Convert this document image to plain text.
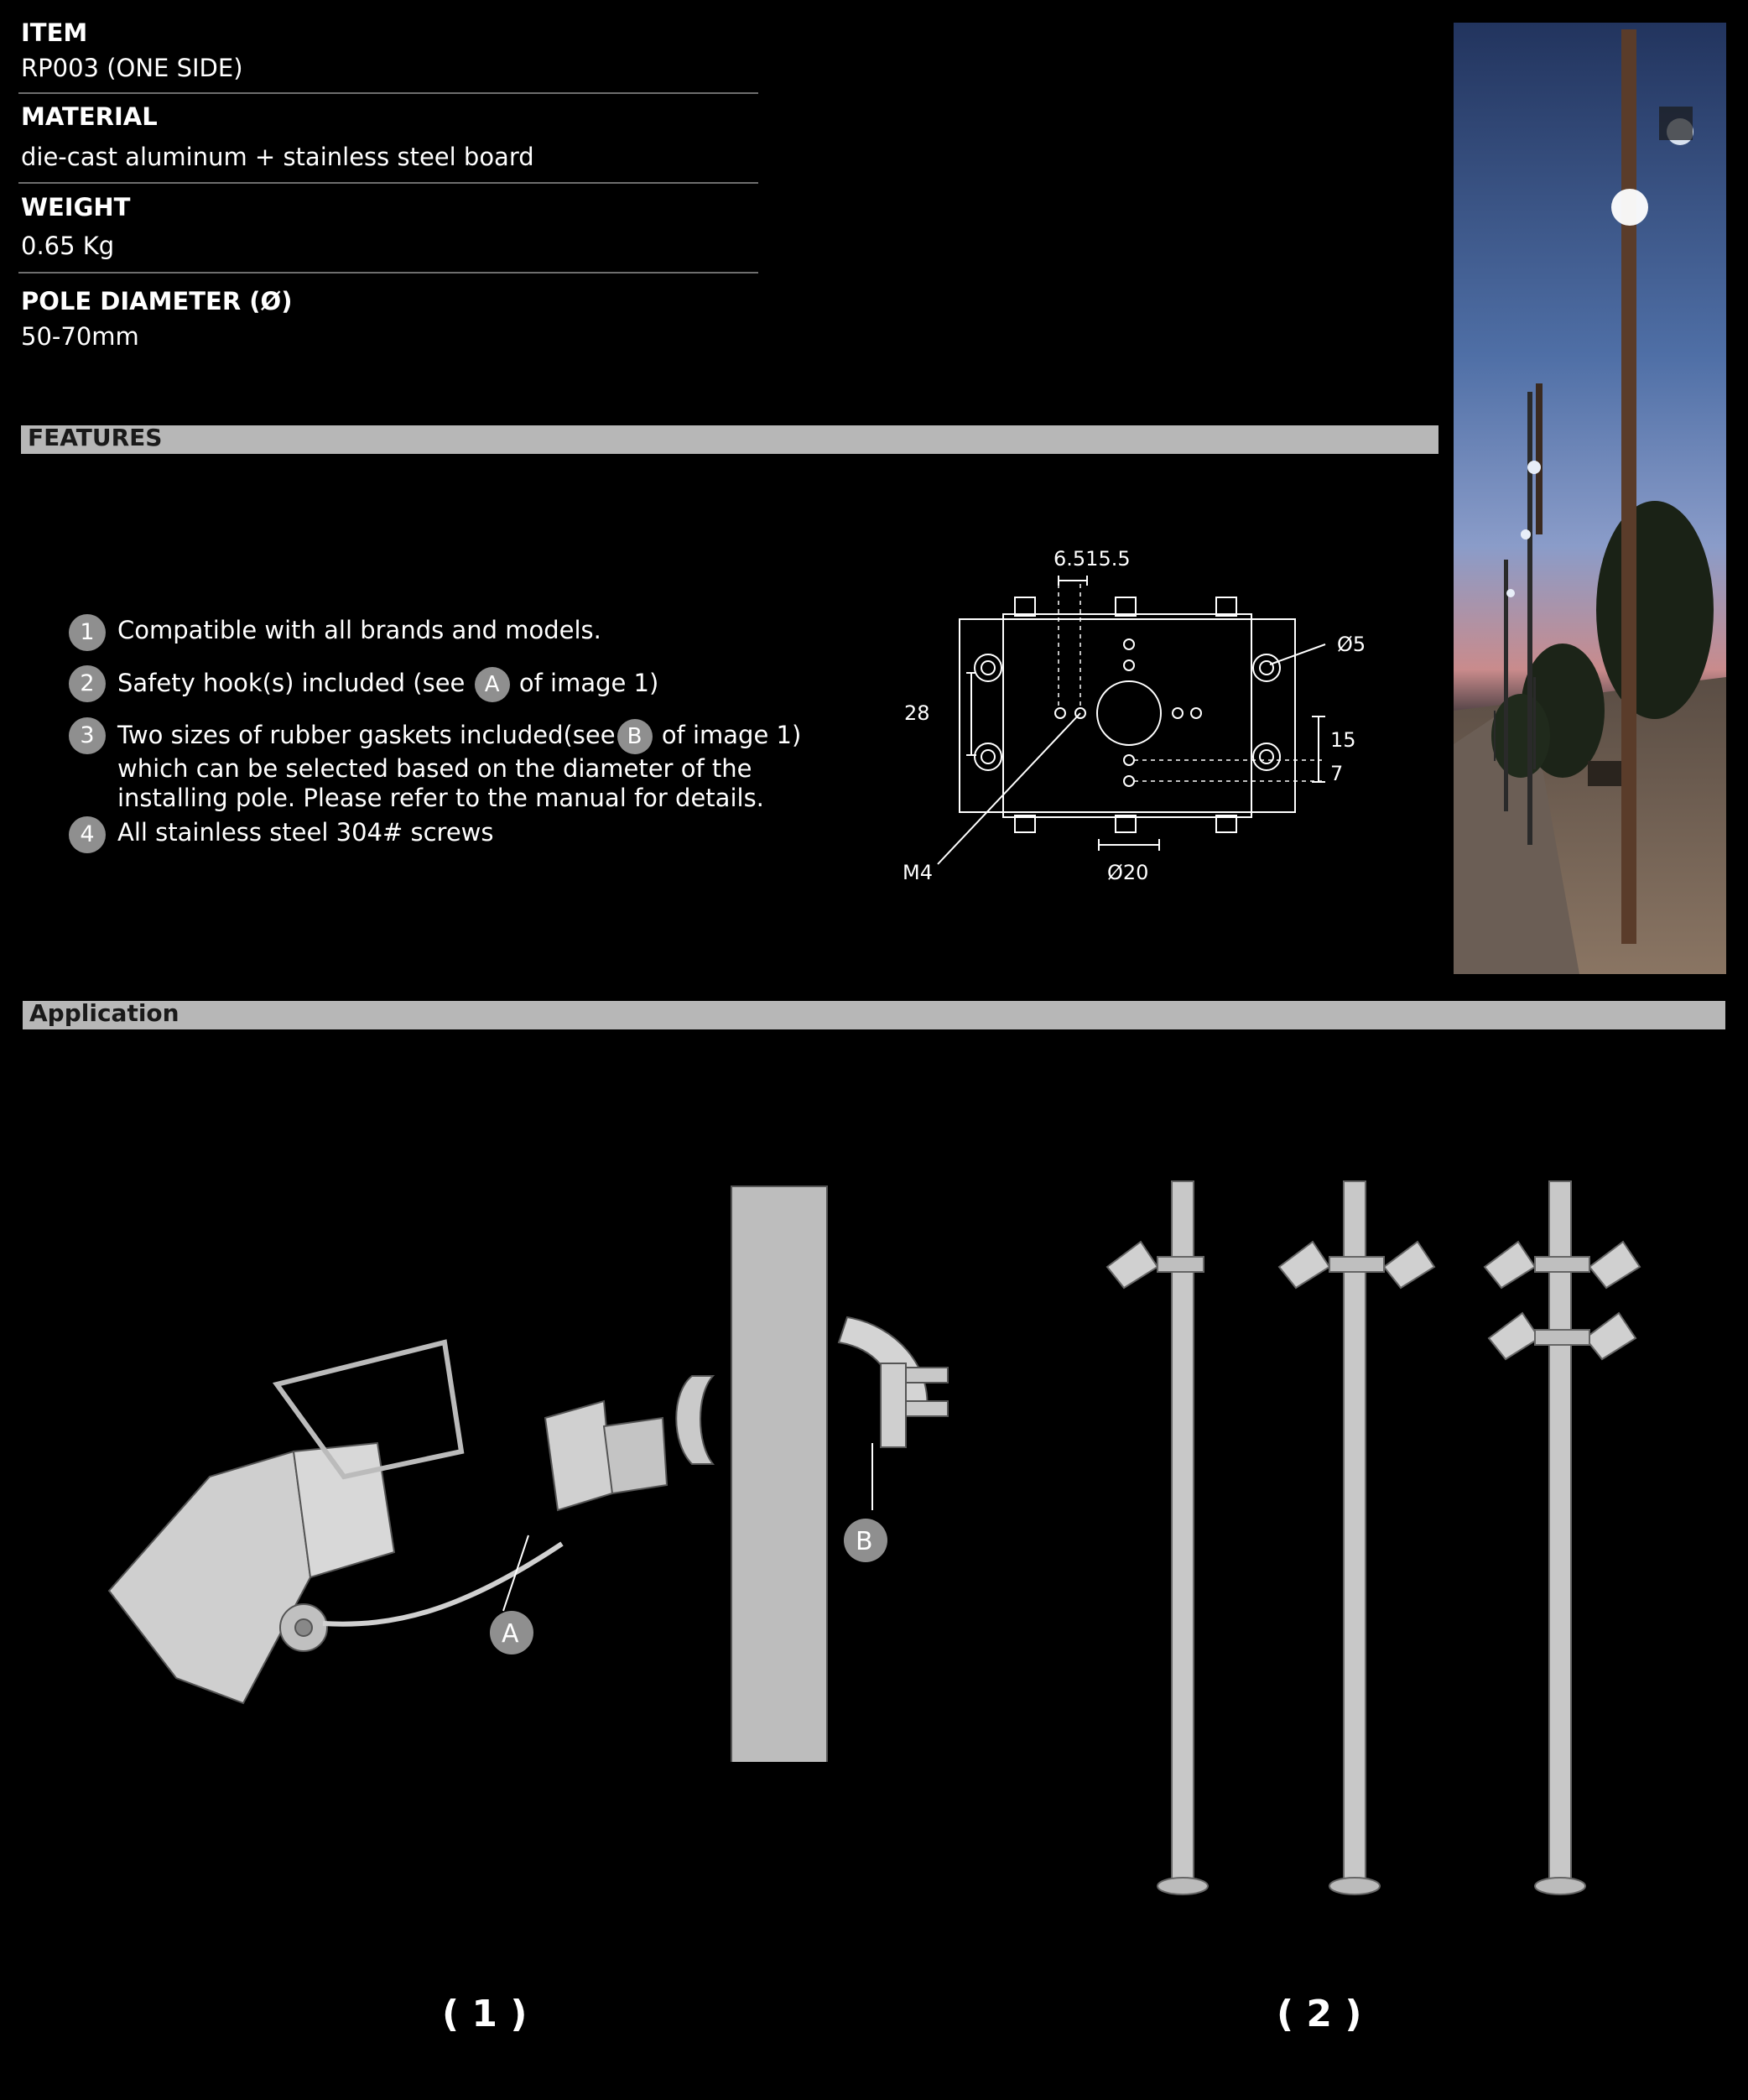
ITEM
RP003 (ONE SIDE)
MATERIAL
die-cast aluminum + stainless steel board
WEIGHT
0.65 Kg
POLE DIAMETER (Ø)
50-70mm
FEATURES
1 Compatible with all brands and models.
2 Safety hook(s) included (see A of image 1)
3 Two sizes of rubber gaskets included(see B of image 1)
which can be selected based on the diameter of the
installing pole. Please refer to the manual for details.
4 All stainless steel 304# screws
6.515.5
28
Ø5
15
7
M4	Ø20
Application
A
B
( 1 )	( 2 )
